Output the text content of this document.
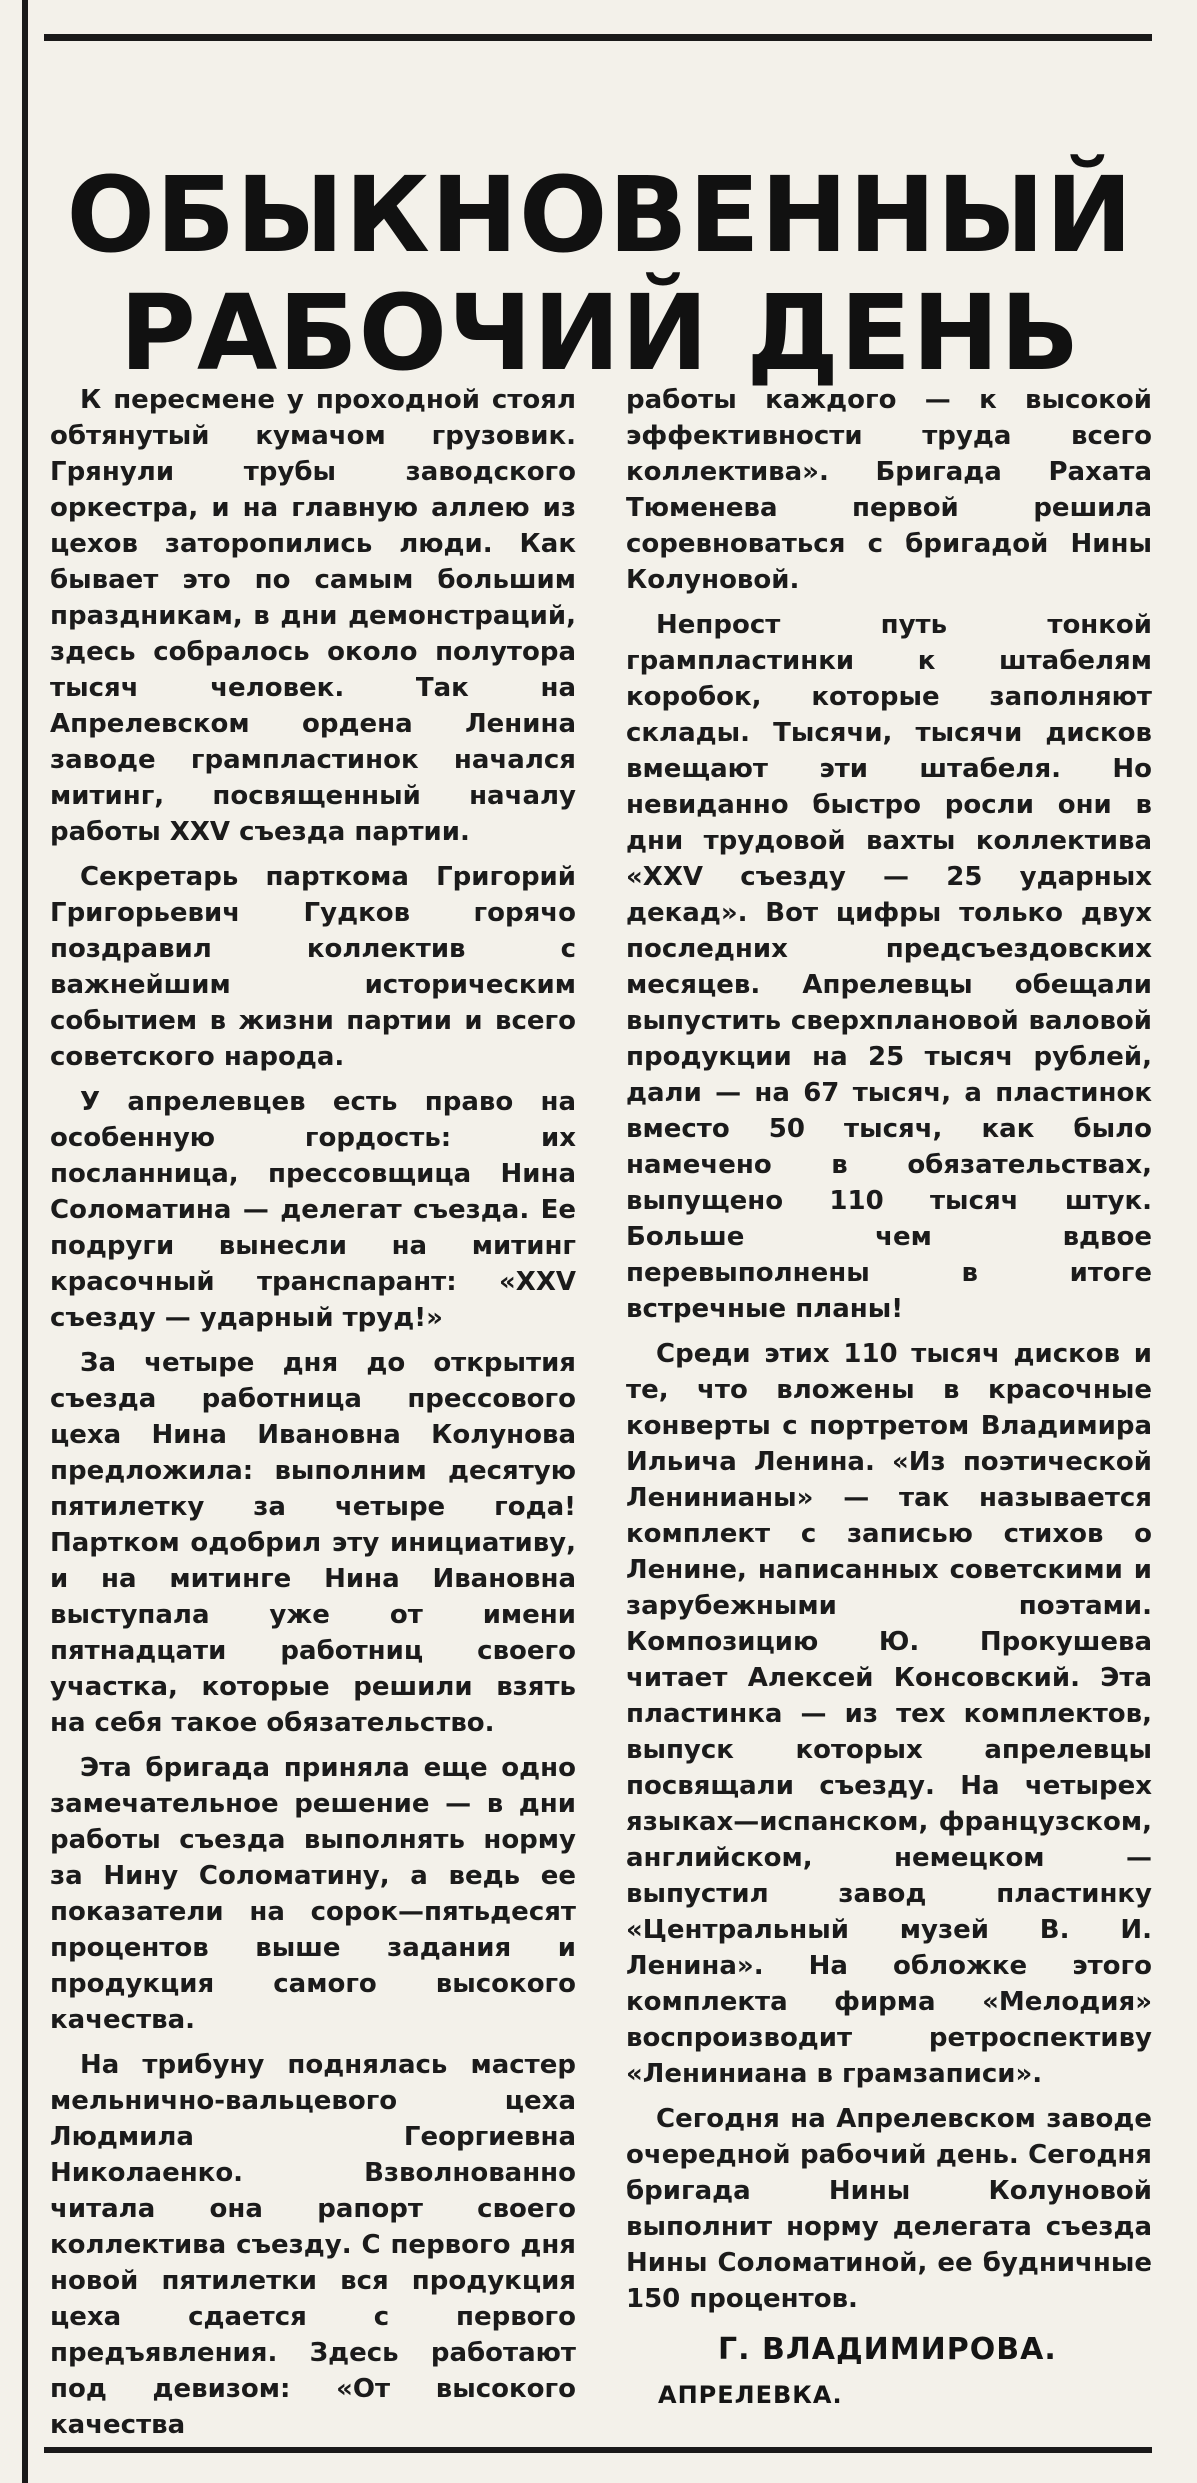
ОБЫКНОВЕННЫЙ
РАБОЧИЙ ДЕНЬ

К пересмене у проходной стоял обтянутый кумачом грузовик. Грянули трубы заводского оркестра, и на главную аллею из цехов заторопились люди. Как бывает это по самым большим праздникам, в дни демонстраций, здесь собралось около полутора тысяч человек. Так на Апрелевском ордена Ленина заводе грампластинок начался митинг, посвященный началу работы XXV съезда партии.

Секретарь парткома Григорий Григорьевич Гудков горячо поздравил коллектив с важнейшим историческим событием в жизни партии и всего советского народа.

У апрелевцев есть право на особенную гордость: их посланница, прессовщица Нина Соломатина — делегат съезда. Ее подруги вынесли на митинг красочный транспарант: «XXV съезду — ударный труд!»

За четыре дня до открытия съезда работница прессового цеха Нина Ивановна Колунова предложила: выполним десятую пятилетку за четыре года! Партком одобрил эту инициативу, и на митинге Нина Ивановна выступала уже от имени пятнадцати работниц своего участка, которые решили взять на себя такое обязательство.

Эта бригада приняла еще одно замечательное решение — в дни работы съезда выполнять норму за Нину Соломатину, а ведь ее показатели на сорок—пятьдесят процентов выше задания и продукция самого высокого качества.

На трибуну поднялась мастер мельнично-вальцевого цеха Людмила Георгиевна Николаенко. Взволнованно читала она рапорт своего коллектива съезду. С первого дня новой пятилетки вся продукция цеха сдается с первого предъявления. Здесь работают под девизом: «От высокого качества

работы каждого — к высокой эффективности труда всего коллектива». Бригада Рахата Тюменева первой решила соревноваться с бригадой Нины Колуновой.

Непрост путь тонкой грампластинки к штабелям коробок, которые заполняют склады. Тысячи, тысячи дисков вмещают эти штабеля. Но невиданно быстро росли они в дни трудовой вахты коллектива «XXV съезду — 25 ударных декад». Вот цифры только двух последних предсъездовских месяцев. Апрелевцы обещали выпустить сверхплановой валовой продукции на 25 тысяч рублей, дали — на 67 тысяч, а пластинок вместо 50 тысяч, как было намечено в обязательствах, выпущено 110 тысяч штук. Больше чем вдвое перевыполнены в итоге встречные планы!

Среди этих 110 тысяч дисков и те, что вложены в красочные конверты с портретом Владимира Ильича Ленина. «Из поэтической Ленинианы» — так называется комплект с записью стихов о Ленине, написанных советскими и зарубежными поэтами. Композицию Ю. Прокушева читает Алексей Консовский. Эта пластинка — из тех комплектов, выпуск которых апрелевцы посвящали съезду. На четырех языках—испанском, французском, английском, немецком — выпустил завод пластинку «Центральный музей В. И. Ленина». На обложке этого комплекта фирма «Мелодия» воспроизводит ретроспективу «Лениниана в грамзаписи».

Сегодня на Апрелевском заводе очередной рабочий день. Сегодня бригада Нины Колуновой выполнит норму делегата съезда Нины Соломатиной, ее будничные 150 процентов.

Г. ВЛАДИМИРОВА.
АПРЕЛЕВКА.
